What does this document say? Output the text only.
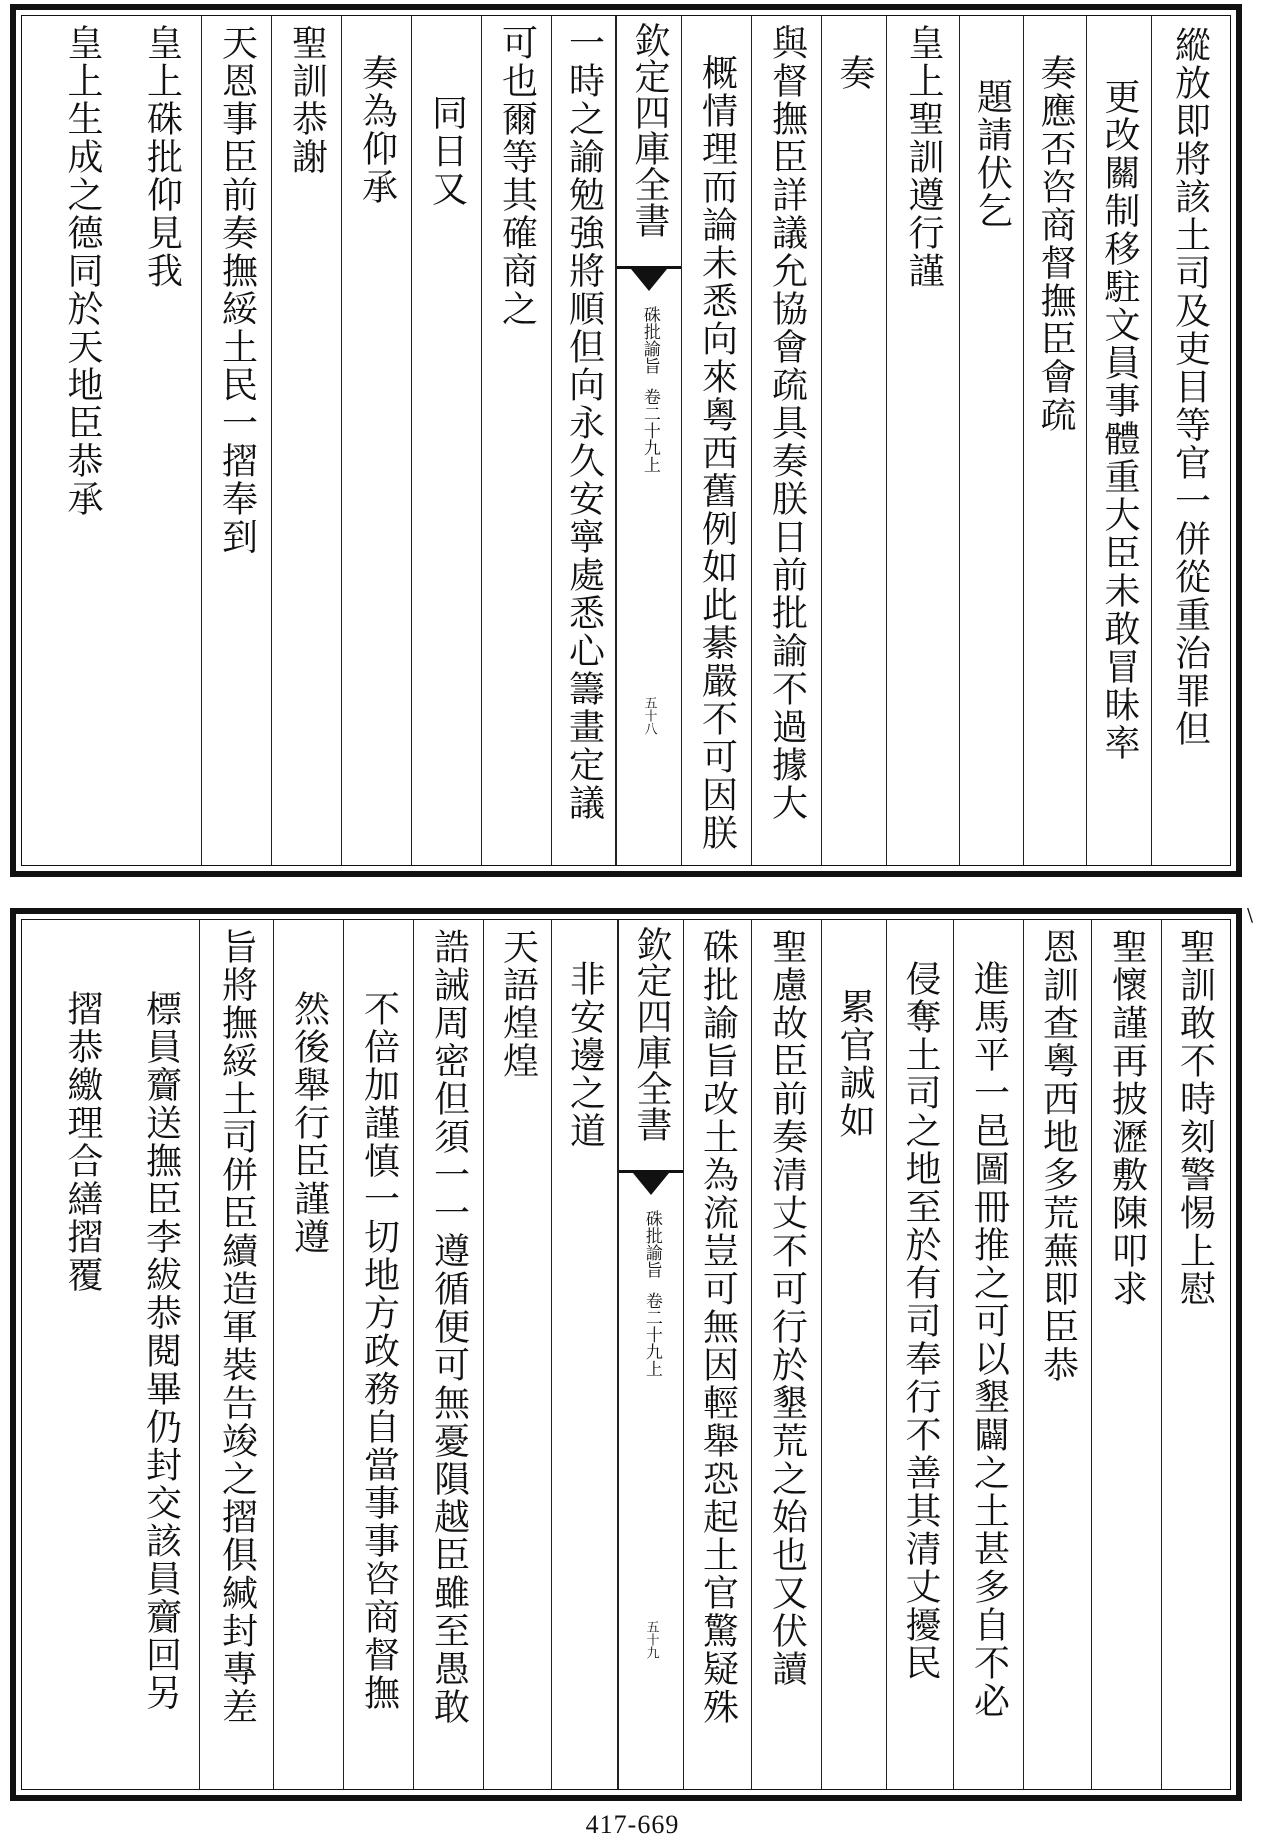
縱放即將該土司及吏目等官一併從重治罪但
更改關制移駐文員事體重大臣未敢冒昧率
奏應否咨商督撫臣會疏
題請伏乞
皇上聖訓遵行謹
奏
與督撫臣詳議允協會疏具奏朕日前批諭不過據大
概情理而論未悉向來粵西舊例如此綦嚴不可因朕
欽定四庫全書
硃批諭旨
卷二十九上
五十八
一時之諭勉強將順但向永久安寧處悉心籌畫定議
可也爾等其確商之
同日又
奏為仰承
聖訓恭謝
天恩事臣前奏撫綏土民一摺奉到
皇上硃批仰見我
皇上生成之德同於天地臣恭承
聖訓敢不時刻警惕上慰
聖懷謹再披瀝敷陳叩求
恩訓查粵西地多荒蕪即臣恭
進馬平一邑圖冊推之可以墾闢之土甚多自不必
侵奪土司之地至於有司奉行不善其清丈擾民
累官誠如
聖慮故臣前奏清丈不可行於墾荒之始也又伏讀
硃批諭旨改土為流豈可無因輕舉恐起土官驚疑殊
欽定四庫全書
硃批諭旨
卷二十九上
五十九
非安邊之道
天語煌煌
誥誡周密但須一一遵循便可無憂隕越臣雖至愚敢
不倍加謹慎一切地方政務自當事事咨商督撫
然後舉行臣謹遵
旨將撫綏土司併臣續造軍裝告竣之摺俱緘封專差
標員齎送撫臣李紱恭閱畢仍封交該員齎回另
摺恭繳理合繕摺覆
\
417-669
